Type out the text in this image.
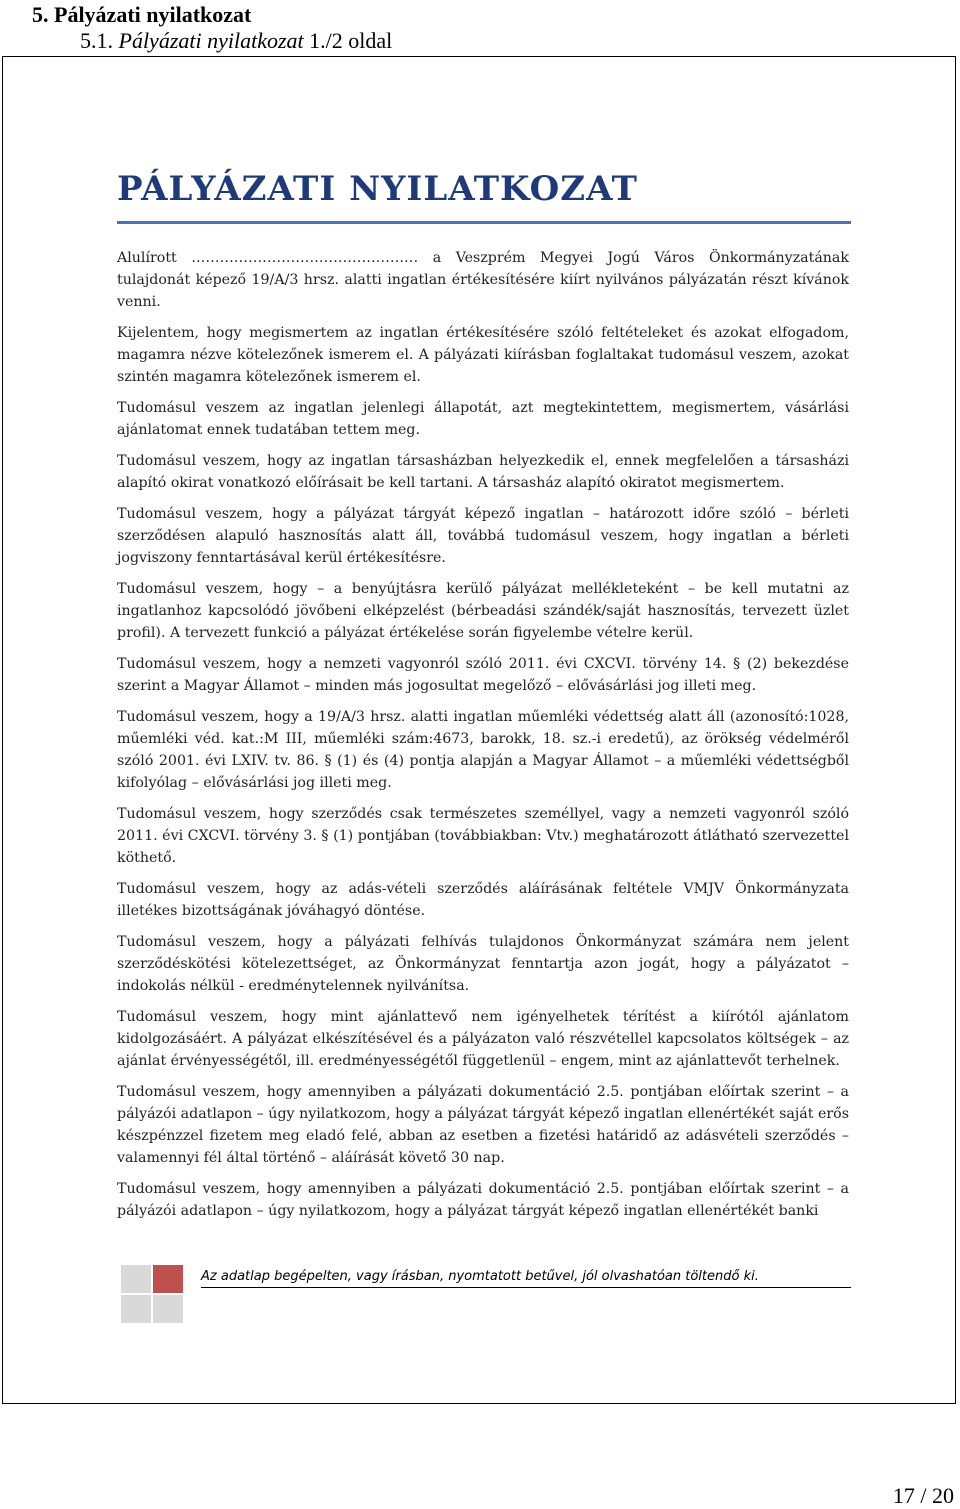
5. Pályázati nyilatkozat

5.1. Pályázati nyilatkozat 1./2 oldal

PÁLYÁZATI NYILATKOZAT

Alulírott ………………………………………… a Veszprém Megyei Jogú Város Önkormányzatának tulajdonát képező 19/A/3 hrsz. alatti ingatlan értékesítésére kiírt nyilvános pályázatán részt kívánok venni.

Kijelentem, hogy megismertem az ingatlan értékesítésére szóló feltételeket és azokat elfogadom, magamra nézve kötelezőnek ismerem el. A pályázati kiírásban foglaltakat tudomásul veszem, azokat szintén magamra kötelezőnek ismerem el.

Tudomásul veszem az ingatlan jelenlegi állapotát, azt megtekintettem, megismertem, vásárlási ajánlatomat ennek tudatában tettem meg.

Tudomásul veszem, hogy az ingatlan társasházban helyezkedik el, ennek megfelelően a társasházi alapító okirat vonatkozó előírásait be kell tartani. A társasház alapító okiratot megismertem.

Tudomásul veszem, hogy a pályázat tárgyát képező ingatlan – határozott időre szóló – bérleti szerződésen alapuló hasznosítás alatt áll, továbbá tudomásul veszem, hogy ingatlan a bérleti jogviszony fenntartásával kerül értékesítésre.

Tudomásul veszem, hogy – a benyújtásra kerülő pályázat mellékleteként – be kell mutatni az ingatlanhoz kapcsolódó jövőbeni elképzelést (bérbeadási szándék/saját hasznosítás, tervezett üzlet profil). A tervezett funkció a pályázat értékelése során figyelembe vételre kerül.

Tudomásul veszem, hogy a nemzeti vagyonról szóló 2011. évi CXCVI. törvény 14. § (2) bekezdése szerint a Magyar Államot – minden más jogosultat megelőző – elővásárlási jog illeti meg.

Tudomásul veszem, hogy a 19/A/3 hrsz. alatti ingatlan műemléki védettség alatt áll (azonosító:1028, műemléki véd. kat.:M III, műemléki szám:4673, barokk, 18. sz.-i eredetű), az örökség védelméről szóló 2001. évi LXIV. tv. 86. § (1) és (4) pontja alapján a Magyar Államot – a műemléki védettségből kifolyólag – elővásárlási jog illeti meg.

Tudomásul veszem, hogy szerződés csak természetes személlyel, vagy a nemzeti vagyonról szóló 2011. évi CXCVI. törvény 3. § (1) pontjában (továbbiakban: Vtv.) meghatározott átlátható szervezettel köthető.

Tudomásul veszem, hogy az adás-vételi szerződés aláírásának feltétele VMJV Önkormányzata illetékes bizottságának jóváhagyó döntése.

Tudomásul veszem, hogy a pályázati felhívás tulajdonos Önkormányzat számára nem jelent szerződéskötési kötelezettséget, az Önkormányzat fenntartja azon jogát, hogy a pályázatot – indokolás nélkül - eredménytelennek nyilvánítsa.

Tudomásul veszem, hogy mint ajánlattevő nem igényelhetek térítést a kiírótól ajánlatom kidolgozásáért. A pályázat elkészítésével és a pályázaton való részvétellel kapcsolatos költségek – az ajánlat érvényességétől, ill. eredményességétől függetlenül – engem, mint az ajánlattevőt terhelnek.

Tudomásul veszem, hogy amennyiben a pályázati dokumentáció 2.5. pontjában előírtak szerint – a pályázói adatlapon – úgy nyilatkozom, hogy a pályázat tárgyát képező ingatlan ellenértékét saját erős készpénzzel fizetem meg eladó felé, abban az esetben a fizetési határidő az adásvételi szerződés – valamennyi fél által történő – aláírását követő 30 nap.

Tudomásul veszem, hogy amennyiben a pályázati dokumentáció 2.5. pontjában előírtak szerint – a pályázói adatlapon – úgy nyilatkozom, hogy a pályázat tárgyát képező ingatlan ellenértékét banki

Az adatlap begépelten, vagy írásban, nyomtatott betűvel, jól olvashatóan töltendő ki.
17 / 20
